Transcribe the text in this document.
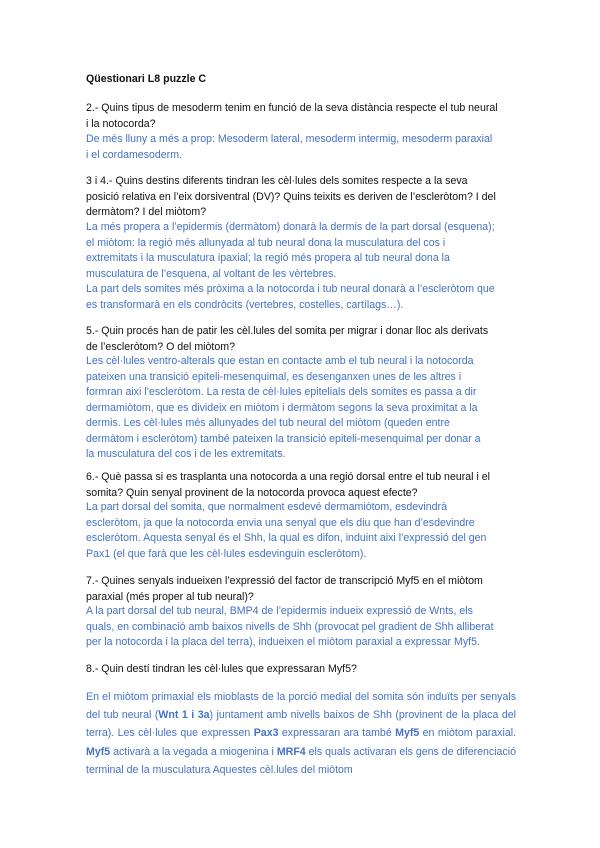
Qüestionari L8 puzzle C
2.- Quins tipus de mesoderm tenim en funció de la seva distància respecte el tub neural
i la notocorda?
De més lluny a més a prop: Mesoderm lateral, mesoderm intermig, mesoderm paraxial
i el cordamesoderm.
3 i 4.- Quins destins diferents tindran les cèl·lules dels somites respecte a la seva
posició relativa en l’eix dorsiventral (DV)? Quins teixits es deriven de l’escleròtom? I del
dermàtom? I del miòtom?
La més propera a l’epidermis (dermàtom) donarà la dermis de la part dorsal (esquena);
el miòtom: la regió més allunyada al tub neural dona la musculatura del cos i
extremitats i la musculatura ipaxial; la regió més propera al tub neural dona la
musculatura de l’esquena, al voltant de les vèrtebres.
La part dels somites més pròxima a la notocorda i tub neural donarà a l’escleròtom que
es transformarà en els condròcits (vertebres, costelles, cartílags…).
5.- Quin procés han de patir les cèl.lules del somita per migrar i donar lloc als derivats
de l’escleròtom? O del miòtom?
Les cèl·lules ventro-alterals que estan en contacte amb el tub neural i la notocorda
pateixen una transició epiteli-mesenquimal, es desenganxen unes de les altres i
formran aixi l’escleròtom. La resta de cèl·lules epitelials dels somites es passa a dir
dermamiòtom, que es divideix en miòtom i dermàtom segons la seva proximitat a la
dermis. Les cèl·lules més allunyades del tub neural del miòtom (queden entre
dermàtom i escleròtom) també pateixen la transició epiteli-mesenquimal per donar a
la musculatura del cos i de les extremitats.
6.- Què passa si es trasplanta una notocorda a una regió dorsal entre el tub neural i el
somita? Quin senyal provinent de la notocorda provoca aquest efecte?
La part dorsal del somita, que normalment esdevé dermamiòtom, esdevindrà
escleròtom, ja que la notocorda envia una senyal que els diu que han d’esdevindre
escleròtom. Aquesta senyal és el Shh, la qual es difon, induint aixi l’expressió del gen
Pax1 (el que farà que les cèl·lules esdevinguin escleròtom).
7.- Quines senyals indueixen l’expressió del factor de transcripció Myf5 en el miòtom
paraxial (més proper al tub neural)?
A la part dorsal del tub neural, BMP4 de l’epidermis indueix expressió de Wnts, els
quals, en combinació amb baixos nivells de Shh (provocat pel gradient de Shh alliberat
per la notocorda i la placa del terra), indueixen el miòtom paraxial a expressar Myf5.
8.- Quin destí tindran les cèl·lules que expressaran Myf5?
En el miòtom primaxial els mioblasts de la porció medial del somita són induïts per senyals del tub neural (Wnt 1 i 3a) juntament amb nivells baixos de Shh (provinent de la placa del terra). Les cèl·lules que expressen Pax3 expressaran ara també Myf5 en miòtom paraxial. Myf5 activarà a la vegada a miogenina i MRF4 els quals activaran els gens de diferenciació terminal de la musculatura Aquestes cèl.lules del miòtom
